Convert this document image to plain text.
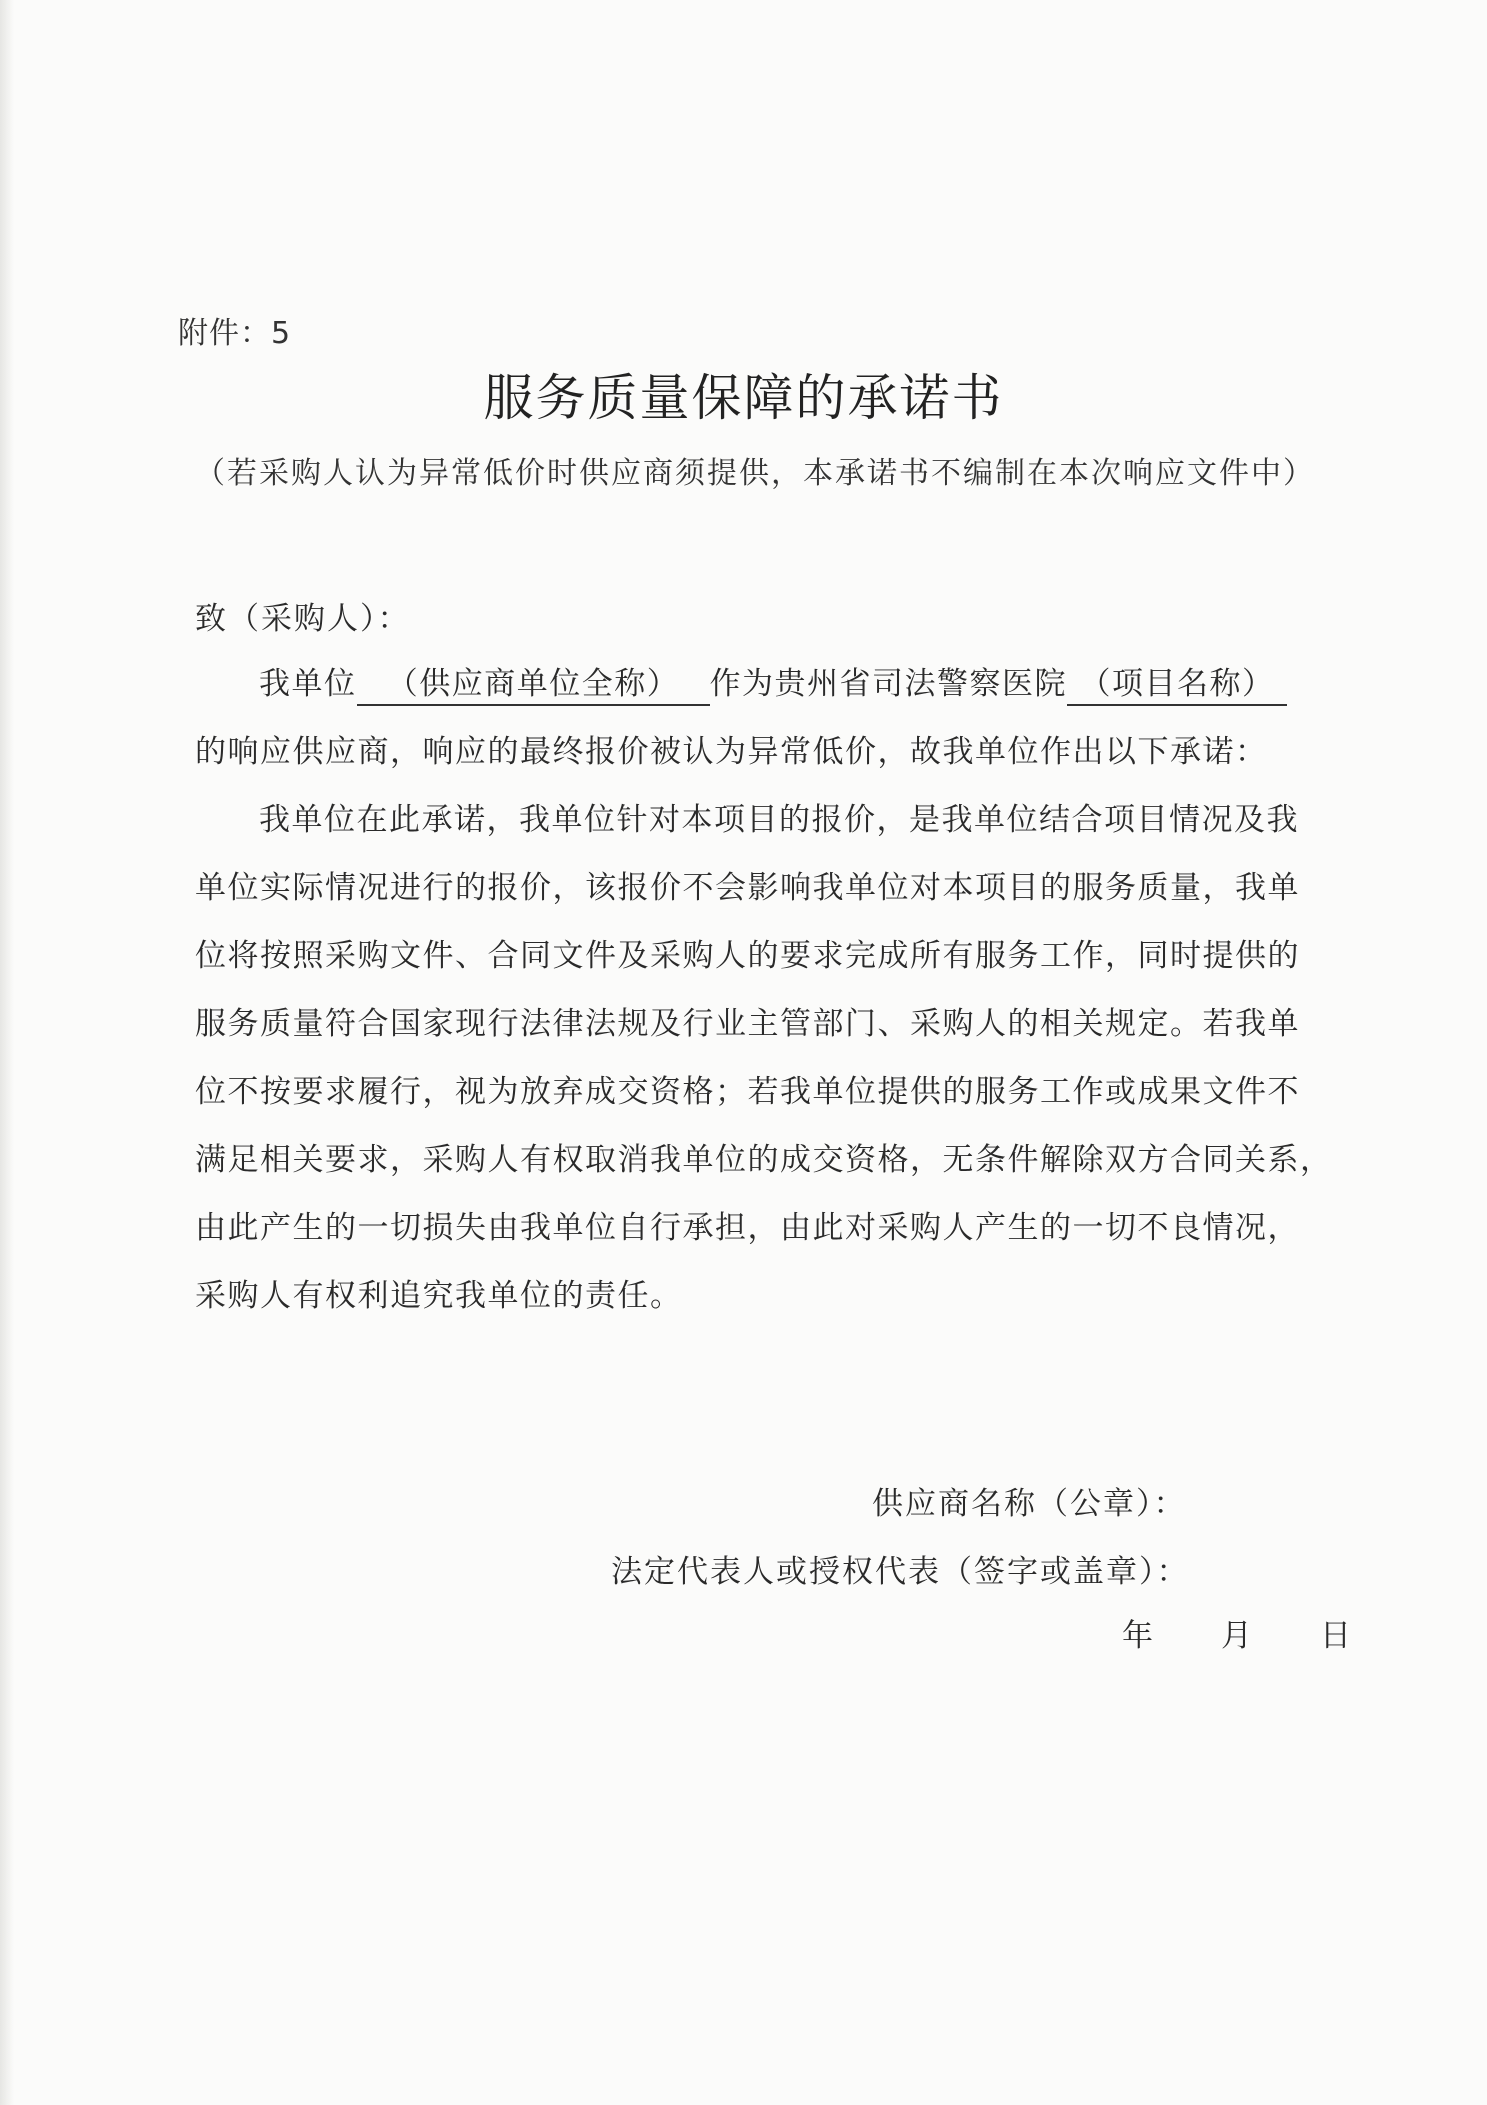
附件：5
服务质量保障的承诺书
（若采购人认为异常低价时供应商须提供，本承诺书不编制在本次响应文件中）
致（采购人）：
我单位 （供应商单位全称） 作为贵州省司法警察医院 （项目名称）
的响应供应商，响应的最终报价被认为异常低价，故我单位作出以下承诺：
我单位在此承诺，我单位针对本项目的报价，是我单位结合项目情况及我
单位实际情况进行的报价，该报价不会影响我单位对本项目的服务质量，我单
位将按照采购文件、合同文件及采购人的要求完成所有服务工作，同时提供的
服务质量符合国家现行法律法规及行业主管部门、采购人的相关规定。若我单
位不按要求履行，视为放弃成交资格；若我单位提供的服务工作或成果文件不
满足相关要求，采购人有权取消我单位的成交资格，无条件解除双方合同关系，
由此产生的一切损失由我单位自行承担，由此对采购人产生的一切不良情况，
采购人有权利追究我单位的责任。
供应商名称（公章）：
法定代表人或授权代表（签字或盖章）：
年 月 日
